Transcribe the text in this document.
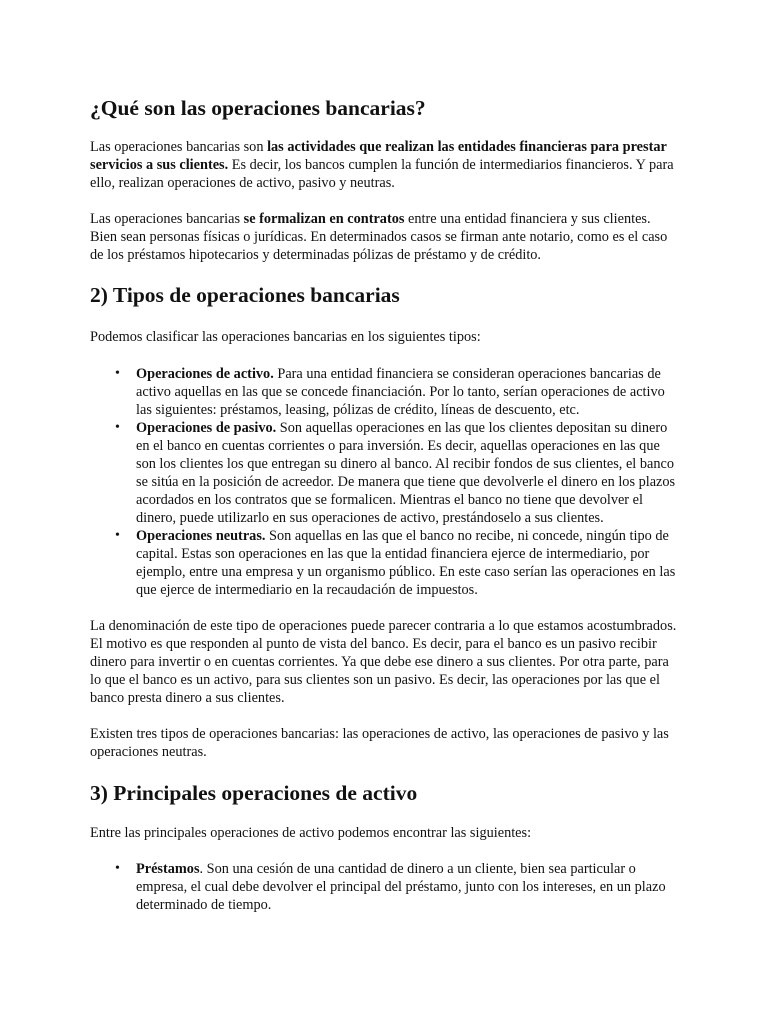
¿Qué son las operaciones bancarias?

Las operaciones bancarias son las actividades que realizan las entidades financieras para prestar servicios a sus clientes. Es decir, los bancos cumplen la función de intermediarios financieros. Y para ello, realizan operaciones de activo, pasivo y neutras.

Las operaciones bancarias se formalizan en contratos entre una entidad financiera y sus clientes. Bien sean personas físicas o jurídicas. En determinados casos se firman ante notario, como es el caso de los préstamos hipotecarios y determinadas pólizas de préstamo y de crédito.

2) Tipos de operaciones bancarias

Podemos clasificar las operaciones bancarias en los siguientes tipos:

• Operaciones de activo. Para una entidad financiera se consideran operaciones bancarias de activo aquellas en las que se concede financiación. Por lo tanto, serían operaciones de activo las siguientes: préstamos, leasing, pólizas de crédito, líneas de descuento, etc.
• Operaciones de pasivo. Son aquellas operaciones en las que los clientes depositan su dinero en el banco en cuentas corrientes o para inversión. Es decir, aquellas operaciones en las que son los clientes los que entregan su dinero al banco. Al recibir fondos de sus clientes, el banco se sitúa en la posición de acreedor. De manera que tiene que devolverle el dinero en los plazos acordados en los contratos que se formalicen. Mientras el banco no tiene que devolver el dinero, puede utilizarlo en sus operaciones de activo, prestándoselo a sus clientes.
• Operaciones neutras. Son aquellas en las que el banco no recibe, ni concede, ningún tipo de capital. Estas son operaciones en las que la entidad financiera ejerce de intermediario, por ejemplo, entre una empresa y un organismo público. En este caso serían las operaciones en las que ejerce de intermediario en la recaudación de impuestos.

La denominación de este tipo de operaciones puede parecer contraria a lo que estamos acostumbrados. El motivo es que responden al punto de vista del banco. Es decir, para el banco es un pasivo recibir dinero para invertir o en cuentas corrientes. Ya que debe ese dinero a sus clientes. Por otra parte, para lo que el banco es un activo, para sus clientes son un pasivo. Es decir, las operaciones por las que el banco presta dinero a sus clientes.

Existen tres tipos de operaciones bancarias: las operaciones de activo, las operaciones de pasivo y las operaciones neutras.

3) Principales operaciones de activo

Entre las principales operaciones de activo podemos encontrar las siguientes:

• Préstamos. Son una cesión de una cantidad de dinero a un cliente, bien sea particular o empresa, el cual debe devolver el principal del préstamo, junto con los intereses, en un plazo determinado de tiempo.
